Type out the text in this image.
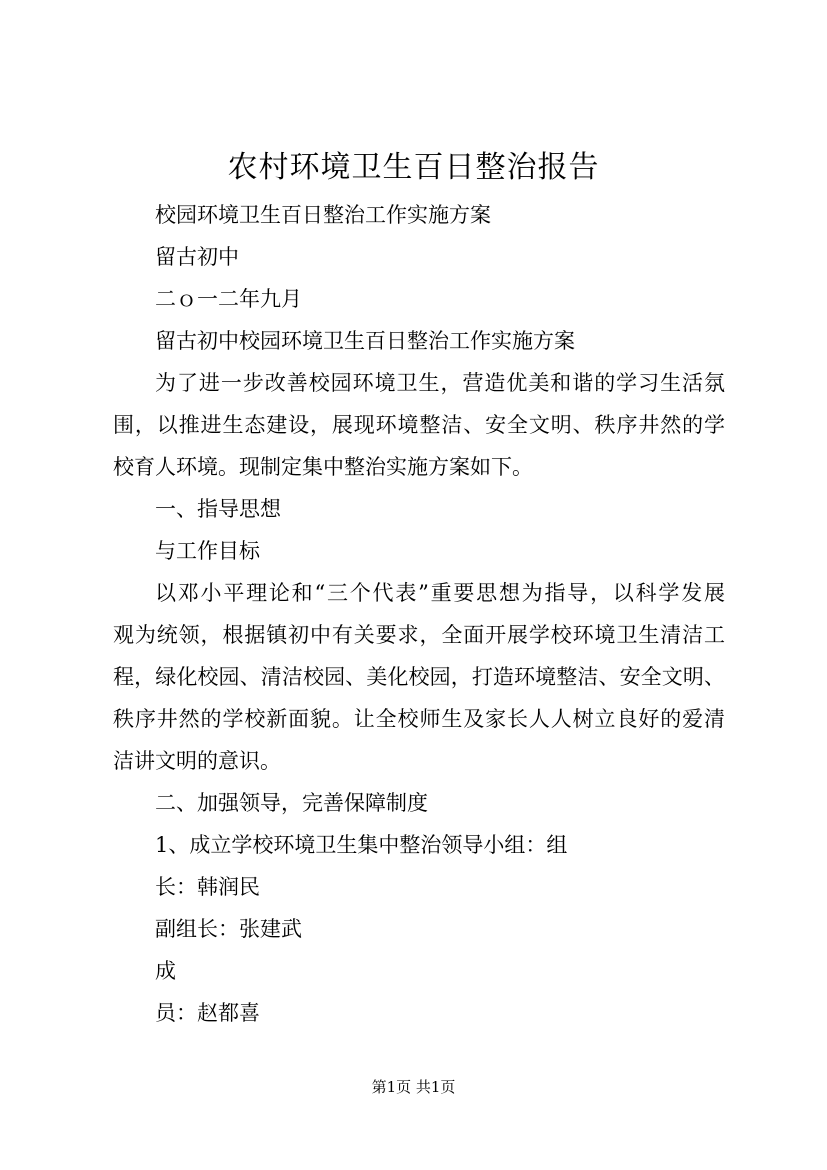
农村环境卫生百日整治报告
校园环境卫生百日整治工作实施方案
留古初中
二ｏ一二年九月
留古初中校园环境卫生百日整治工作实施方案
为了进一步改善校园环境卫生，营造优美和谐的学习生活氛
围，以推进生态建设，展现环境整洁、安全文明、秩序井然的学
校育人环境。现制定集中整治实施方案如下。
一、指导思想
与工作目标
以邓小平理论和“三个代表”重要思想为指导，以科学发展
观为统领，根据镇初中有关要求，全面开展学校环境卫生清洁工
程，绿化校园、清洁校园、美化校园，打造环境整洁、安全文明、
秩序井然的学校新面貌。让全校师生及家长人人树立良好的爱清
洁讲文明的意识。
二、加强领导，完善保障制度
1、成立学校环境卫生集中整治领导小组：组
长：韩润民
副组长：张建武
成
员：赵都喜
第1页 共1页
